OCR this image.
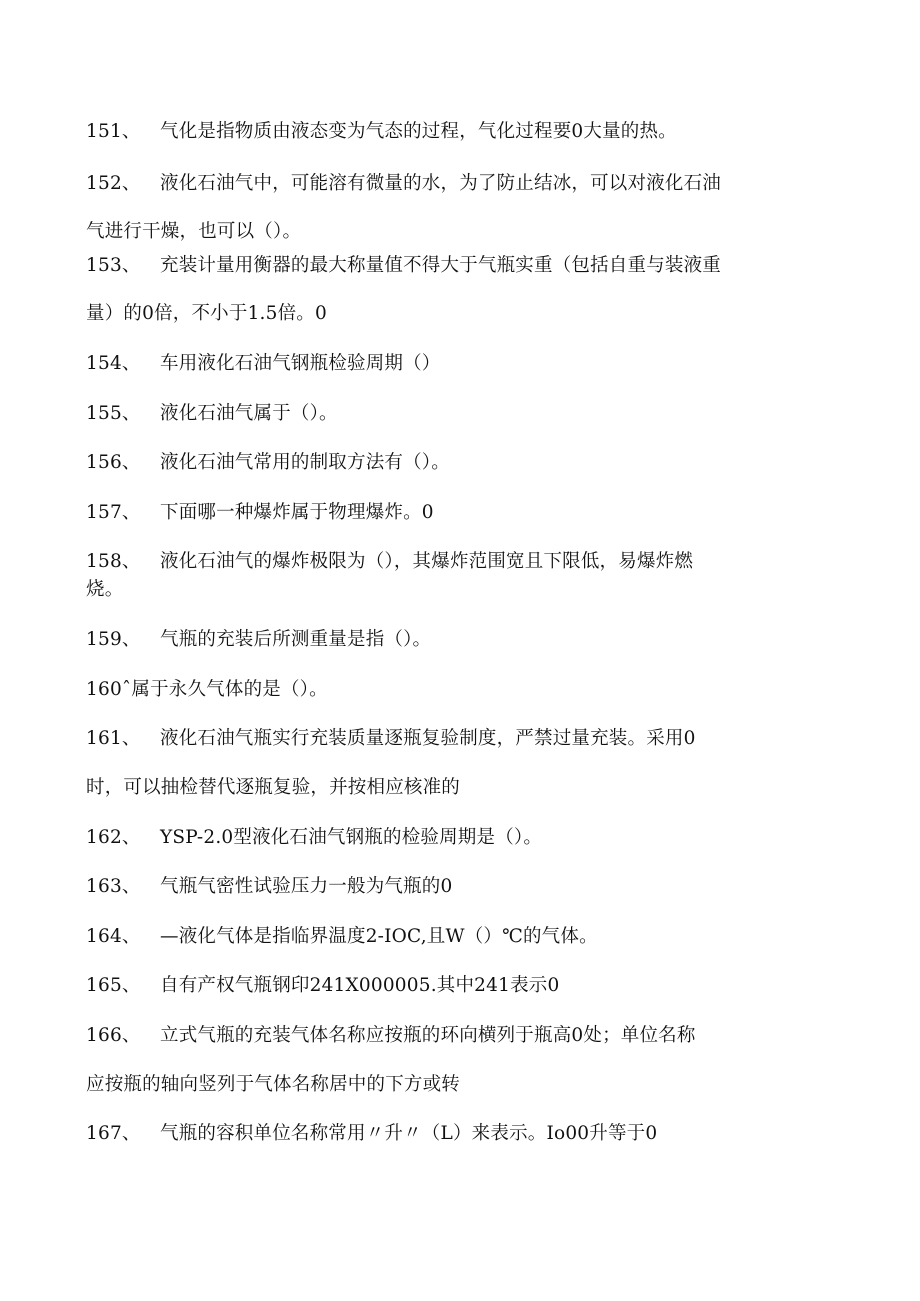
151、 气化是指物质由液态变为气态的过程，气化过程要0大量的热。
152、 液化石油气中，可能溶有微量的水，为了防止结冰，可以对液化石油
气进行干燥，也可以（）。
153、 充装计量用衡器的最大称量值不得大于气瓶实重（包括自重与装液重
量）的0倍，不小于1.5倍。0
154、 车用液化石油气钢瓶检验周期（）
155、 液化石油气属于（）。
156、 液化石油气常用的制取方法有（）。
157、 下面哪一种爆炸属于物理爆炸。0
158、 液化石油气的爆炸极限为（），其爆炸范围宽且下限低，易爆炸燃
烧。
159、 气瓶的充装后所测重量是指（）。
160ˆ属于永久气体的是（）。
161、 液化石油气瓶实行充装质量逐瓶复验制度，严禁过量充装。采用0
时，可以抽检替代逐瓶复验，并按相应核准的
162、 YSP-2.0型液化石油气钢瓶的检验周期是（）。
163、 气瓶气密性试验压力一般为气瓶的0
164、 —液化气体是指临界温度2-IOC,且W（）℃的气体。
165、 自有产权气瓶钢印241X000005.其中241表示0
166、 立式气瓶的充装气体名称应按瓶的环向横列于瓶高0处；单位名称
应按瓶的轴向竖列于气体名称居中的下方或转
167、 气瓶的容积单位名称常用〃升〃（L）来表示。Io00升等于0
